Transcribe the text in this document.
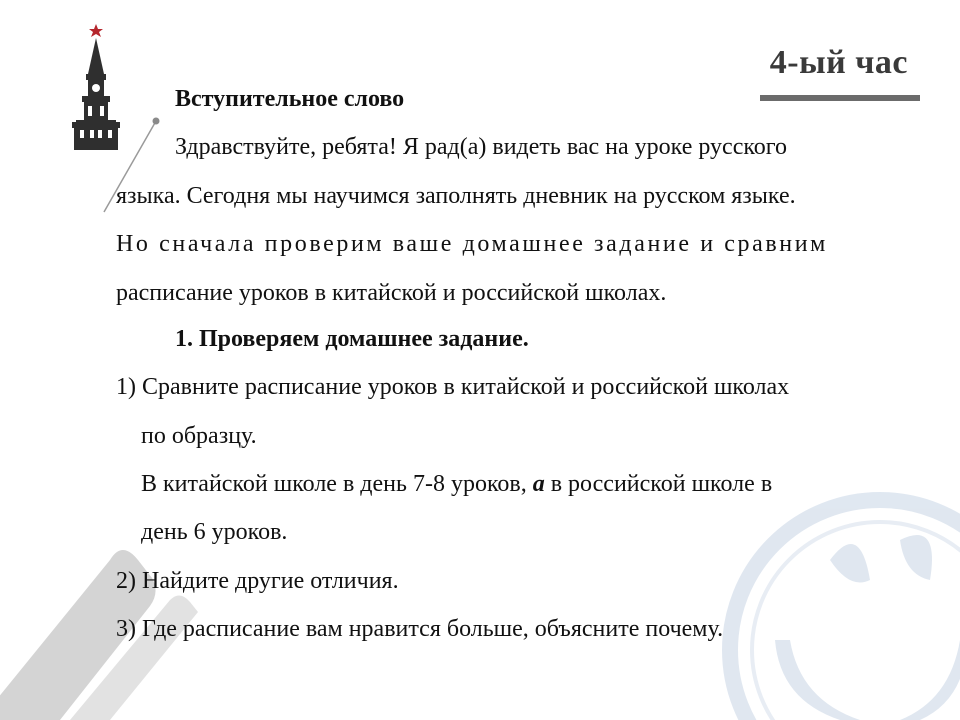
4-ый час
Вступительное слово
Здравствуйте, ребята! Я рад(а) видеть вас на уроке русского
языка. Сегодня мы научимся заполнять дневник на русском языке.
Но сначала проверим ваше домашнее задание и сравним
расписание уроков в китайской и российской школах.
1. Проверяем домашнее задание.
1) Сравните расписание уроков в китайской и российской школах
по образцу.
В китайской школе в день 7-8 уроков, а в российской школе в
день 6 уроков.
2) Найдите другие отличия.
3) Где расписание вам нравится больше, объясните почему.
